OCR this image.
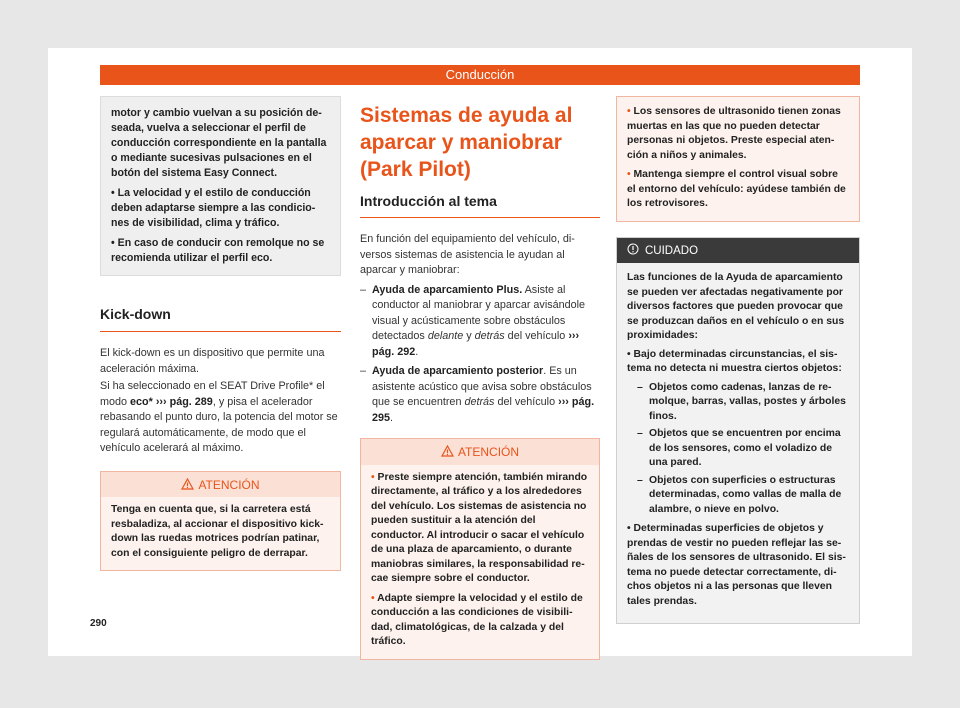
Conducción

motor y cambio vuelvan a su posición deseada, vuelva a seleccionar el perfil de conducción correspondiente en la pantalla o mediante sucesivas pulsaciones en el botón del sistema Easy Connect.

• La velocidad y el estilo de conducción deben adaptarse siempre a las condiciones de visibilidad, clima y tráfico.

• En caso de conducir con remolque no se recomienda utilizar el perfil eco.

Kick-down

El kick-down es un dispositivo que permite una aceleración máxima.

Si ha seleccionado en el SEAT Drive Profile* el modo eco* ››› pág. 289, y pisa el acelerador rebasando el punto duro, la potencia del motor se regulará automáticamente, de modo que el vehículo acelerará al máximo.

ATENCIÓN

Tenga en cuenta que, si la carretera está resbaladiza, al accionar el dispositivo kick-down las ruedas motrices podrían patinar, con el consiguiente peligro de derrapar.

Sistemas de ayuda al aparcar y maniobrar (Park Pilot)
Introducción al tema

En función del equipamiento del vehículo, diversos sistemas de asistencia le ayudan al aparcar y maniobrar:

– Ayuda de aparcamiento Plus. Asiste al conductor al maniobrar y aparcar avisándole visual y acústicamente sobre obstáculos detectados delante y detrás del vehículo ››› pág. 292.
– Ayuda de aparcamiento posterior. Es un asistente acústico que avisa sobre obstáculos que se encuentren detrás del vehículo ››› pág. 295.
ATENCIÓN

• Preste siempre atención, también mirando directamente, al tráfico y a los alrededores del vehículo. Los sistemas de asistencia no pueden sustituir a la atención del conductor. Al introducir o sacar el vehículo de una plaza de aparcamiento, o durante maniobras similares, la responsabilidad recae siempre sobre el conductor.

• Adapte siempre la velocidad y el estilo de conducción a las condiciones de visibilidad, climatológicas, de la calzada y del tráfico.

• Los sensores de ultrasonido tienen zonas muertas en las que no pueden detectar personas ni objetos. Preste especial atención a niños y animales.

• Mantenga siempre el control visual sobre el entorno del vehículo: ayúdese también de los retrovisores.

CUIDADO

Las funciones de la Ayuda de aparcamiento se pueden ver afectadas negativamente por diversos factores que pueden provocar que se produzcan daños en el vehículo o en sus proximidades:

• Bajo determinadas circunstancias, el sistema no detecta ni muestra ciertos objetos:

– Objetos como cadenas, lanzas de remolque, barras, vallas, postes y árboles finos.
– Objetos que se encuentren por encima de los sensores, como el voladizo de una pared.
– Objetos con superficies o estructuras determinadas, como vallas de malla de alambre, o nieve en polvo.

• Determinadas superficies de objetos y prendas de vestir no pueden reflejar las señales de los sensores de ultrasonido. El sistema no puede detectar correctamente, dichos objetos ni a las personas que lleven tales prendas.

290
